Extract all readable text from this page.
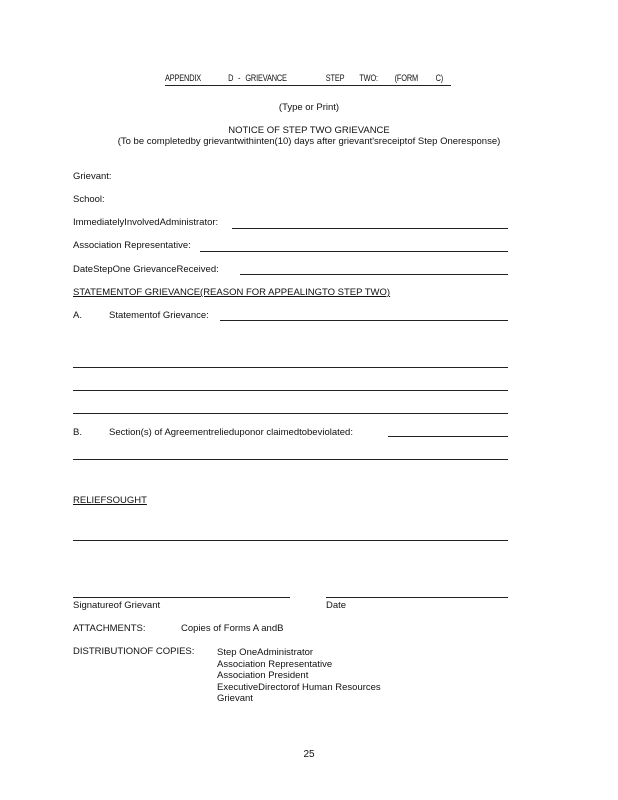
APPENDIX	D - GRIEVANCE	STEP TWO: (FORM C)
(Type or Print)
NOTICE OF STEP TWO GRIEVANCE
(To be completedby grievantwithinten(10) days after grievant'sreceiptof Step Oneresponse)
Grievant:
School:
ImmediatelyInvolvedAdministrator:
Association Representative:
DateStepOne GrievanceReceived:
STATEMENTOF GRIEVANCE(REASON FOR APPEALINGTO STEP TWO)
A.	Statementof Grievance:
B.	Section(s) of Agreementrelieduponor claimedtobeviolated:
RELIEFSOUGHT
Signatureof Grievant	Date
ATTACHMENTS:	Copies of Forms A andB
DISTRIBUTIONOF COPIES: Step OneAdministrator
Association Representative
Association President
ExecutiveDirectorof Human Resources
Grievant
25
